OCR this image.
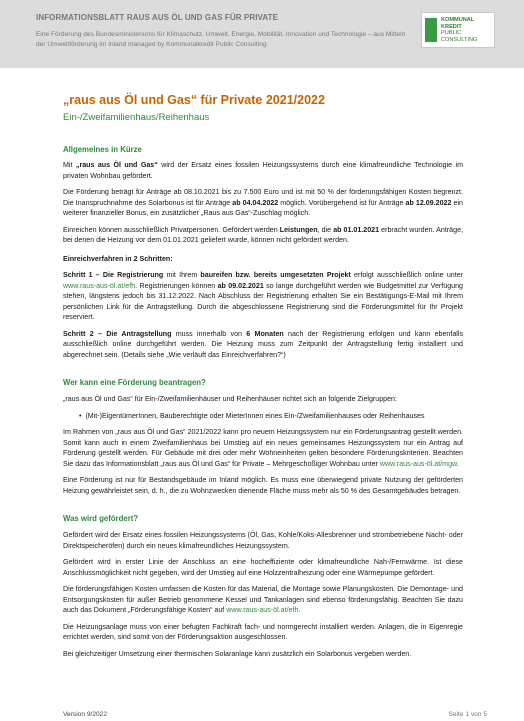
INFORMATIONSBLATT RAUS AUS ÖL UND GAS FÜR PRIVATE
Eine Förderung des Bundesministeriums für Klimaschutz, Umwelt, Energie, Mobilität, Innovation und Technologie – aus Mitteln der Umweltförderung im Inland managed by Kommunalkredit Public Consulting
KOMMUNAL
KREDIT
PUBLIC CONSULTING
„raus aus Öl und Gas“ für Private 2021/2022
Ein-/Zweifamilienhaus/Reihenhaus
Allgemeines in Kürze

Mit „raus aus Öl und Gas“ wird der Ersatz eines fossilen Heizungssystems durch eine klimafreundliche Technologie im privaten Wohnbau gefördert.

Die Förderung beträgt für Anträge ab 08.10.2021 bis zu 7.500 Euro und ist mit 50 % der förderungsfähigen Kosten begrenzt. Die Inanspruchnahme des Solarbonus ist für Anträge ab 04.04.2022 möglich. Vorübergehend ist für Anträge ab 12.09.2022 ein weiterer finanzieller Bonus, ein zusätzlicher „Raus aus Gas“-Zuschlag möglich.

Einreichen können ausschließlich Privatpersonen. Gefördert werden Leistungen, die ab 01.01.2021 erbracht wurden. Anträge, bei denen die Heizung vor dem 01.01.2021 geliefert wurde, können nicht gefördert werden.

Einreichverfahren in 2 Schritten:

Schritt 1 – Die Registrierung mit Ihrem baureifen bzw. bereits umgesetzten Projekt erfolgt ausschließlich online unter www.raus-aus-öl.at/efh. Registrierungen können ab 09.02.2021 so lange durchgeführt werden wie Budgetmittel zur Verfügung stehen, längstens jedoch bis 31.12.2022. Nach Abschluss der Registrierung erhalten Sie ein Bestätigungs-E-Mail mit Ihrem persönlichen Link für die Antragstellung. Durch die abgeschlossene Registrierung sind die Förderungsmittel für Ihr Projekt reserviert.

Schritt 2 – Die Antragstellung muss innerhalb von 6 Monaten nach der Registrierung erfolgen und kann ebenfalls ausschließlich online durchgeführt werden. Die Heizung muss zum Zeitpunkt der Antragstellung fertig installiert und abgerechnet sein. (Details siehe „Wie verläuft das Einreichverfahren?“)

Wer kann eine Förderung beantragen?

„raus aus Öl und Gas“ für Ein-/Zweifamilienhäuser und Reihenhäuser richtet sich an folgende Zielgruppen:

•  (Mit-)EigentümerInnen, Bauberechtigte oder MieterInnen eines Ein-/Zweifamilienhauses oder Reihenhauses

Im Rahmen von „raus aus Öl und Gas“ 2021/2022 kann pro neuem Heizungssystem nur ein Förderungsantrag gestellt werden. Somit kann auch in einem Zweifamilienhaus bei Umstieg auf ein neues gemeinsames Heizungssystem nur ein Antrag auf Förderung gestellt werden. Für Gebäude mit drei oder mehr Wohneinheiten gelten besondere Förderungskriterien. Beachten Sie dazu das Informationsblatt „raus aus Öl und Gas“ für Private – Mehrgeschoßiger Wohnbau unter www.raus-aus-öl.at/mgw.

Eine Förderung ist nur für Bestandsgebäude im Inland möglich. Es muss eine überwiegend private Nutzung der geförderten Heizung gewährleistet sein, d. h., die zu Wohnzwecken dienende Fläche muss mehr als 50 % des Gesamtgebäudes betragen.

Was wird gefördert?

Gefördert wird der Ersatz eines fossilen Heizungssystems (Öl, Gas, Kohle/Koks-Allesbrenner und strombetriebene Nacht- oder Direktspeicheröfen) durch ein neues klimafreundliches Heizungssystem.

Gefördert wird in erster Linie der Anschluss an eine hocheffiziente oder klimafreundliche Nah-/Fernwärme. Ist diese Anschlussmöglichkeit nicht gegeben, wird der Umstieg auf eine Holzzentralheizung oder eine Wärmepumpe gefördert.

Die förderungsfähigen Kosten umfassen die Kosten für das Material, die Montage sowie Planungskosten. Die Demontage- und Entsorgungskosten für außer Betrieb genommene Kessel und Tankanlagen sind ebenso förderungsfähig. Beachten Sie dazu auch das Dokument „Förderungsfähige Kosten“ auf www.raus-aus-öl.at/efh.

Die Heizungsanlage muss von einer befugten Fachkraft fach- und normgerecht installiert werden. Anlagen, die in Eigenregie errichtet werden, sind somit von der Förderungsaktion ausgeschlossen.

Bei gleichzeitiger Umsetzung einer thermischen Solaranlage kann zusätzlich ein Solarbonus vergeben werden.

Version 9/2022	Seite 1 von 5
